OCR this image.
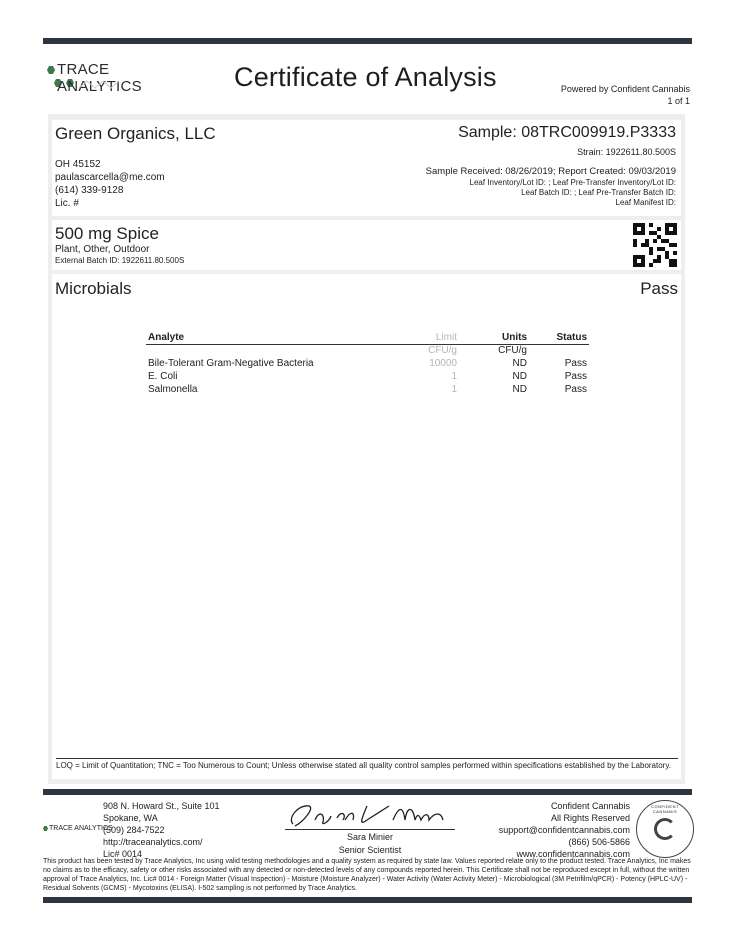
TRACE ANALYTICS	Certificate of Analysis	Powered by Confident Cannabis
1 of 1
Green Organics, LLC
OH 45152
paulascarcella@me.com
(614) 339-9128
Lic. #
Sample: 08TRC009919.P3333
Strain: 1922611.80.500S
Sample Received: 08/26/2019; Report Created: 09/03/2019
Leaf Inventory/Lot ID: ; Leaf Pre-Transfer Inventory/Lot ID:
Leaf Batch ID: ; Leaf Pre-Transfer Batch ID:
Leaf Manifest ID:
500 mg Spice
Plant, Other, Outdoor
External Batch ID: 1922611.80.500S
Microbials	Pass
Analyte	Limit	Units	Status
	CFU/g	CFU/g	
Bile-Tolerant Gram-Negative Bacteria	10000	ND	Pass
E. Coli	1	ND	Pass
Salmonella	1	ND	Pass
LOQ = Limit of Quantitation; TNC = Too Numerous to Count; Unless otherwise stated all quality control samples performed within specifications established by the Laboratory.
TRACE ANALYTICS
908 N. Howard St., Suite 101
Spokane, WA
(509) 284-7522
http://traceanalytics.com/
Lic# 0014
Sara Minier
Senior Scientist
Confident Cannabis
All Rights Reserved
support@confidentcannabis.com
(866) 506-5866
www.confidentcannabis.com
CONFIDENT CANNABIS
This product has been tested by Trace Analytics, Inc using valid testing methodologies and a quality system as required by state law. Values reported relate only to the product tested. Trace Analytics, Inc makes no claims as to the efficacy, safety or other risks associated with any detected or non-detected levels of any compounds reported herein. This Certificate shall not be reproduced except in full, without the written approval of Trace Analytics, Inc. Lic# 0014 - Foreign Matter (Visual Inspection) - Moisture (Moisture Analyzer) - Water Activity (Water Activity Meter) - Microbiological (3M Petrifilm/qPCR) - Potency (HPLC-UV) - Residual Solvents (GCMS) - Mycotoxins (ELISA). I-502 sampling is not performed by Trace Analytics.
